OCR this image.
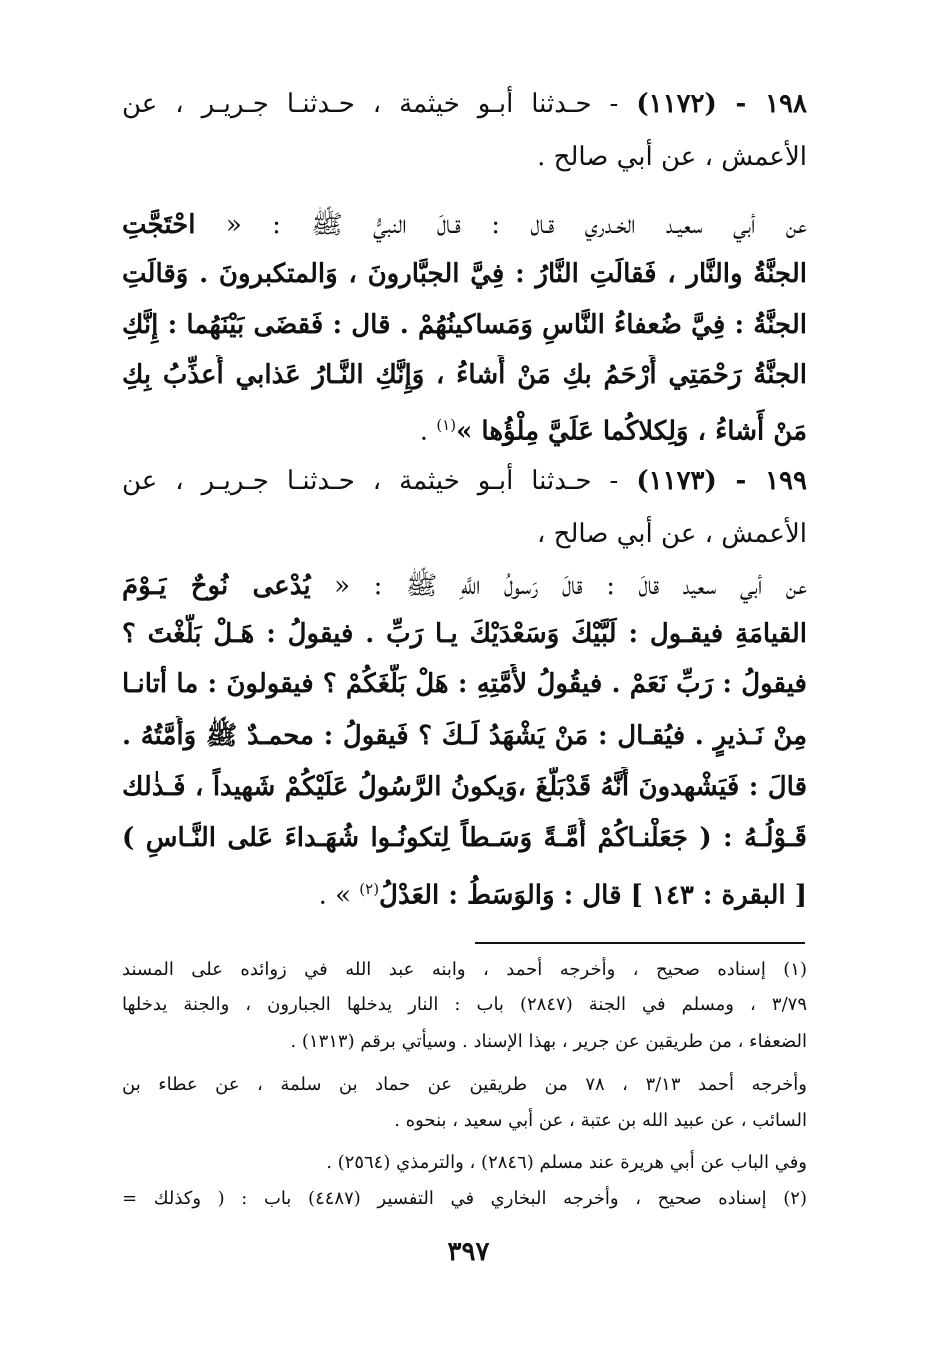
١٩٨ - (١١٧٢) - حـدثنا أبـو خيثمة ، حـدثنـا جـريـر ، عن
الأعمش ، عن أبي صالح .
عن أبي سعيـد الخـدري قـال : قـالَ النبيُّ ﷺ : « احْتَجَّتِ
الجنَّةُ والنَّار ، فَقالَتِ النَّارُ : فِيَّ الجبَّارونَ ، وَالمتكبرونَ . وَقالَتِ
الجنَّةُ : فِيَّ ضُعفاءُ النَّاسِ وَمَساكينُهُمْ . قال : فَقضَى بَيْنَهُما : إِنَّكِ
الجنَّةُ رَحْمَتِي أَرْحَمُ بكِ مَنْ أَشاءُ ، وَإِنَّكِ النَّـارُ عَذابي أُعذِّبُ بِكِ
مَنْ أَشاءُ ، وَلِكلاكُما عَلَيَّ مِلْؤُها »$^{(١)}$ .
١٩٩ - (١١٧٣) - حـدثنا أبـو خيثمة ، حـدثنـا جـريـر ، عن
الأعمش ، عن أبي صالح ،
عن أبي سعيد قالَ : قالَ رَسولُ اللَّهِ ﷺ : « يُدْعى نُوحٌ يَـوْمَ
القيامَةِ فيقـول : لَبَّيْكَ وَسَعْدَيْكَ يـا رَبِّ . فيقولُ : هَـلْ بَلَّغْتَ ؟
فيقولُ : رَبِّ نَعَمْ . فيقُولُ لأُمَّتِهِ : هَلْ بَلَّغَكُمْ ؟ فيقولونَ : ما أتانـا
مِنْ نَـذيرٍ . فيُقـال : مَنْ يَشْهَدُ لَـكَ ؟ فَيقولُ : محمـدٌ ﷺ وَأُمَّتُهُ .
قالَ : فَيَشْهدونَ أَنَّهُ قَدْبَلَّغَ ،وَيكونُ الرَّسُولُ عَلَيْكُمْ شَهيداً ، فَـذٰلك
قَـوْلُـهُ : ( جَعَلْنـاكُمْ أُمَّـةً وَسَـطاً لِتكونُـوا شُهَـداءَ عَلى النَّـاسِ )
[ البقرة : ١٤٣ ] قال : وَالوَسَطُ : العَدْلُ$^{(٢)}$ » .
(١) إسناده صحيح ، وأخرجه أحمد ، وابنه عبد الله في زوائده على المسند
٣/٧٩ ، ومسلم في الجنة (٢٨٤٧) باب : النار يدخلها الجبارون ، والجنة يدخلها
الضعفاء ، من طريقين عن جرير ، بهذا الإسناد . وسيأتي برقم (١٣١٣) .
وأخرجه أحمد ٣/١٣ ، ٧٨ من طريقين عن حماد بن سلمة ، عن عطاء بن
السائب ، عن عبيد الله بن عتبة ، عن أبي سعيد ، بنحوه .
وفي الباب عن أبي هريرة عند مسلم (٢٨٤٦) ، والترمذي (٢٥٦٤) .
(٢) إسناده صحيح ، وأخرجه البخاري في التفسير (٤٤٨٧) باب : ( وكذلك =
٣٩٧
